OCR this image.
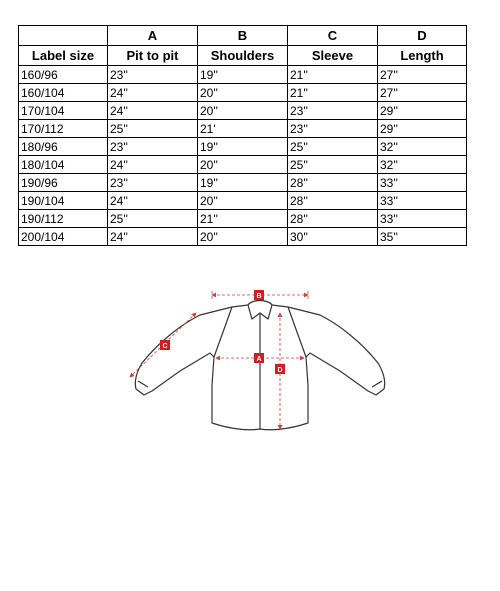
	A	B	C	D
Label size	Pit to pit	Shoulders	Sleeve	Length
160/96	23''	19''	21''	27''
160/104	24''	20''	21''	27''
170/104	24''	20''	23''	29''
170/112	25''	21'	23''	29''
180/96	23''	19''	25''	32''
180/104	24''	20''	25''	32''
190/96	23''	19''	28''	33''
190/104	24''	20''	28''	33''
190/112	25''	21''	28''	33''
200/104	24''	20''	30''	35''
B
C
A
D
